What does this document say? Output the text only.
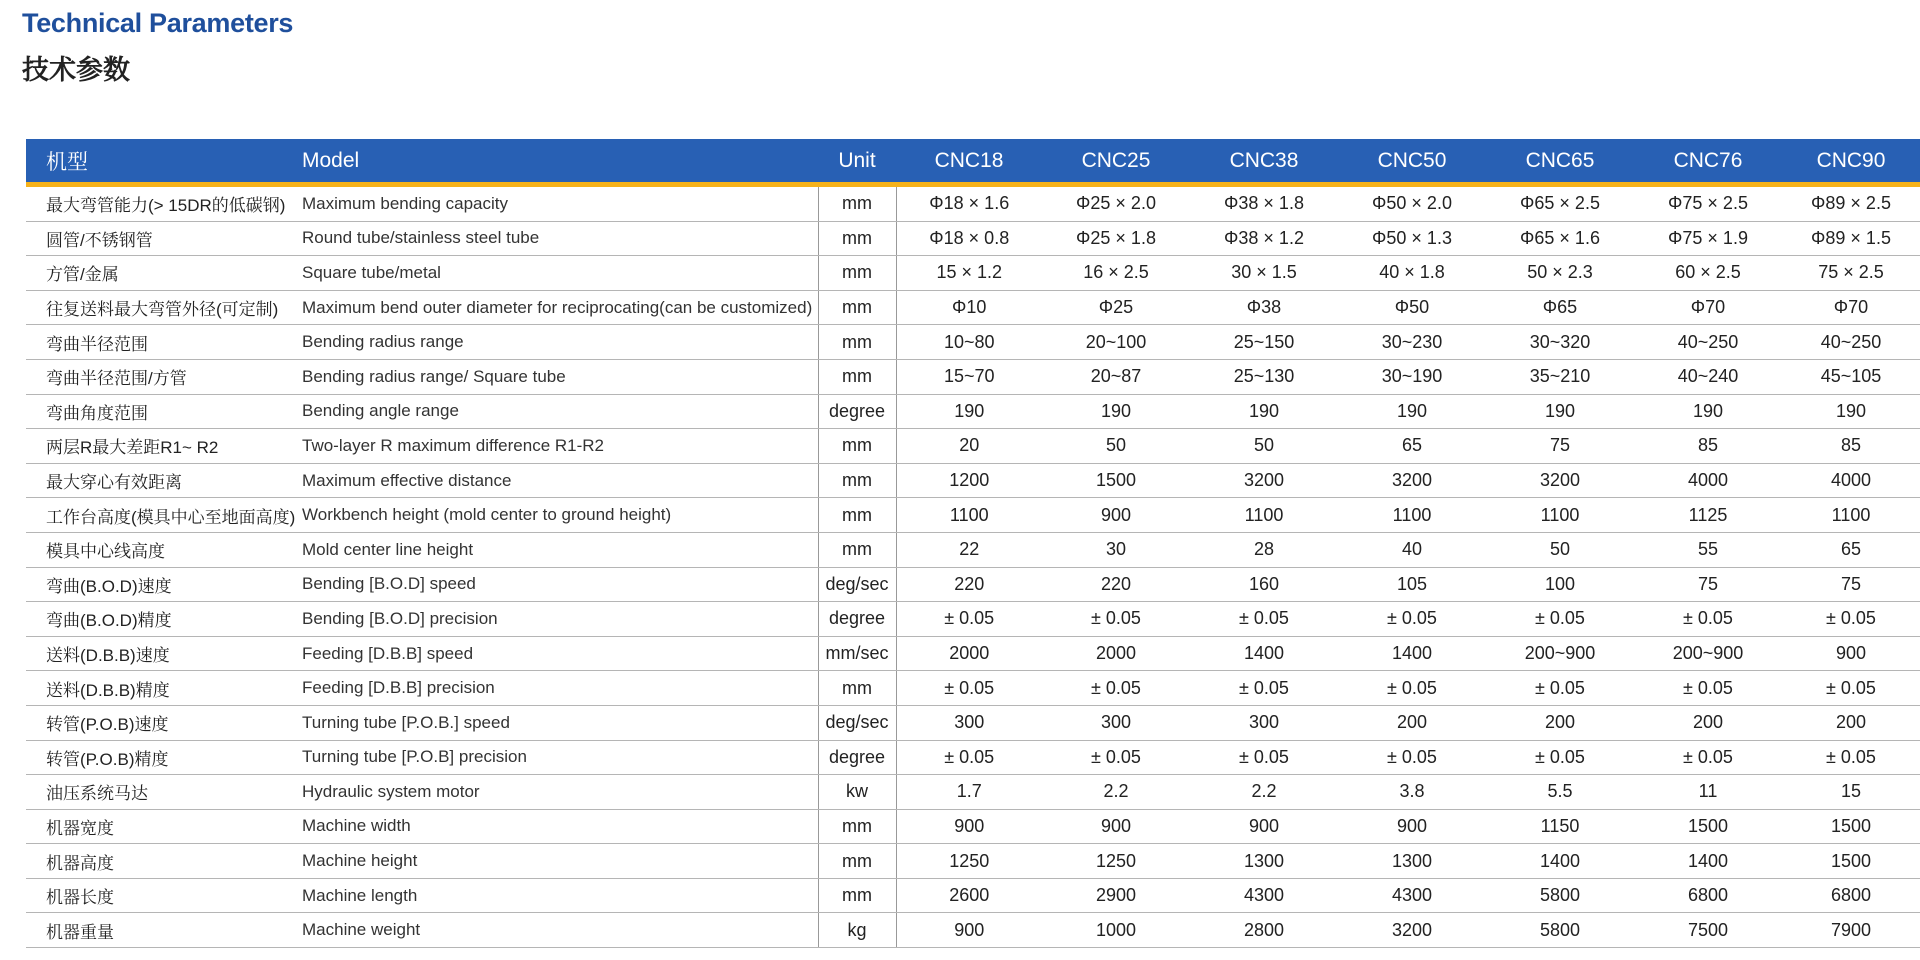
Technical Parameters
技术参数
机型	Model	Unit	CNC18	CNC25	CNC38	CNC50	CNC65	CNC76	CNC90
最大弯管能力(> 15DR的低碳钢)	Maximum bending capacity	mm	Φ18 × 1.6	Φ25 × 2.0	Φ38 × 1.8	Φ50 × 2.0	Φ65 × 2.5	Φ75 × 2.5	Φ89 × 2.5
圆管/不锈钢管	Round tube/stainless steel tube	mm	Φ18 × 0.8	Φ25 × 1.8	Φ38 × 1.2	Φ50 × 1.3	Φ65 × 1.6	Φ75 × 1.9	Φ89 × 1.5
方管/金属	Square tube/metal	mm	15 × 1.2	16 × 2.5	30 × 1.5	40 × 1.8	50 × 2.3	60 × 2.5	75 × 2.5
往复送料最大弯管外径(可定制)	Maximum bend outer diameter for reciprocating(can be customized)	mm	Φ10	Φ25	Φ38	Φ50	Φ65	Φ70	Φ70
弯曲半径范围	Bending radius range	mm	10~80	20~100	25~150	30~230	30~320	40~250	40~250
弯曲半径范围/方管	Bending radius range/ Square tube	mm	15~70	20~87	25~130	30~190	35~210	40~240	45~105
弯曲角度范围	Bending angle range	degree	190	190	190	190	190	190	190
两层R最大差距R1~ R2	Two-layer R maximum difference R1-R2	mm	20	50	50	65	75	85	85
最大穿心有效距离	Maximum effective distance	mm	1200	1500	3200	3200	3200	4000	4000
工作台高度(模具中心至地面高度)	Workbench height (mold center to ground height)	mm	1100	900	1100	1100	1100	1125	1100
模具中心线高度	Mold center line height	mm	22	30	28	40	50	55	65
弯曲(B.O.D)速度	Bending [B.O.D] speed	deg/sec	220	220	160	105	100	75	75
弯曲(B.O.D)精度	Bending [B.O.D] precision	degree	± 0.05	± 0.05	± 0.05	± 0.05	± 0.05	± 0.05	± 0.05
送料(D.B.B)速度	Feeding [D.B.B] speed	mm/sec	2000	2000	1400	1400	200~900	200~900	900
送料(D.B.B)精度	Feeding [D.B.B] precision	mm	± 0.05	± 0.05	± 0.05	± 0.05	± 0.05	± 0.05	± 0.05
转管(P.O.B)速度	Turning tube [P.O.B.] speed	deg/sec	300	300	300	200	200	200	200
转管(P.O.B)精度	Turning tube [P.O.B] precision	degree	± 0.05	± 0.05	± 0.05	± 0.05	± 0.05	± 0.05	± 0.05
油压系统马达	Hydraulic system motor	kw	1.7	2.2	2.2	3.8	5.5	11	15
机器宽度	Machine width	mm	900	900	900	900	1150	1500	1500
机器高度	Machine height	mm	1250	1250	1300	1300	1400	1400	1500
机器长度	Machine length	mm	2600	2900	4300	4300	5800	6800	6800
机器重量	Machine weight	kg	900	1000	2800	3200	5800	7500	7900
